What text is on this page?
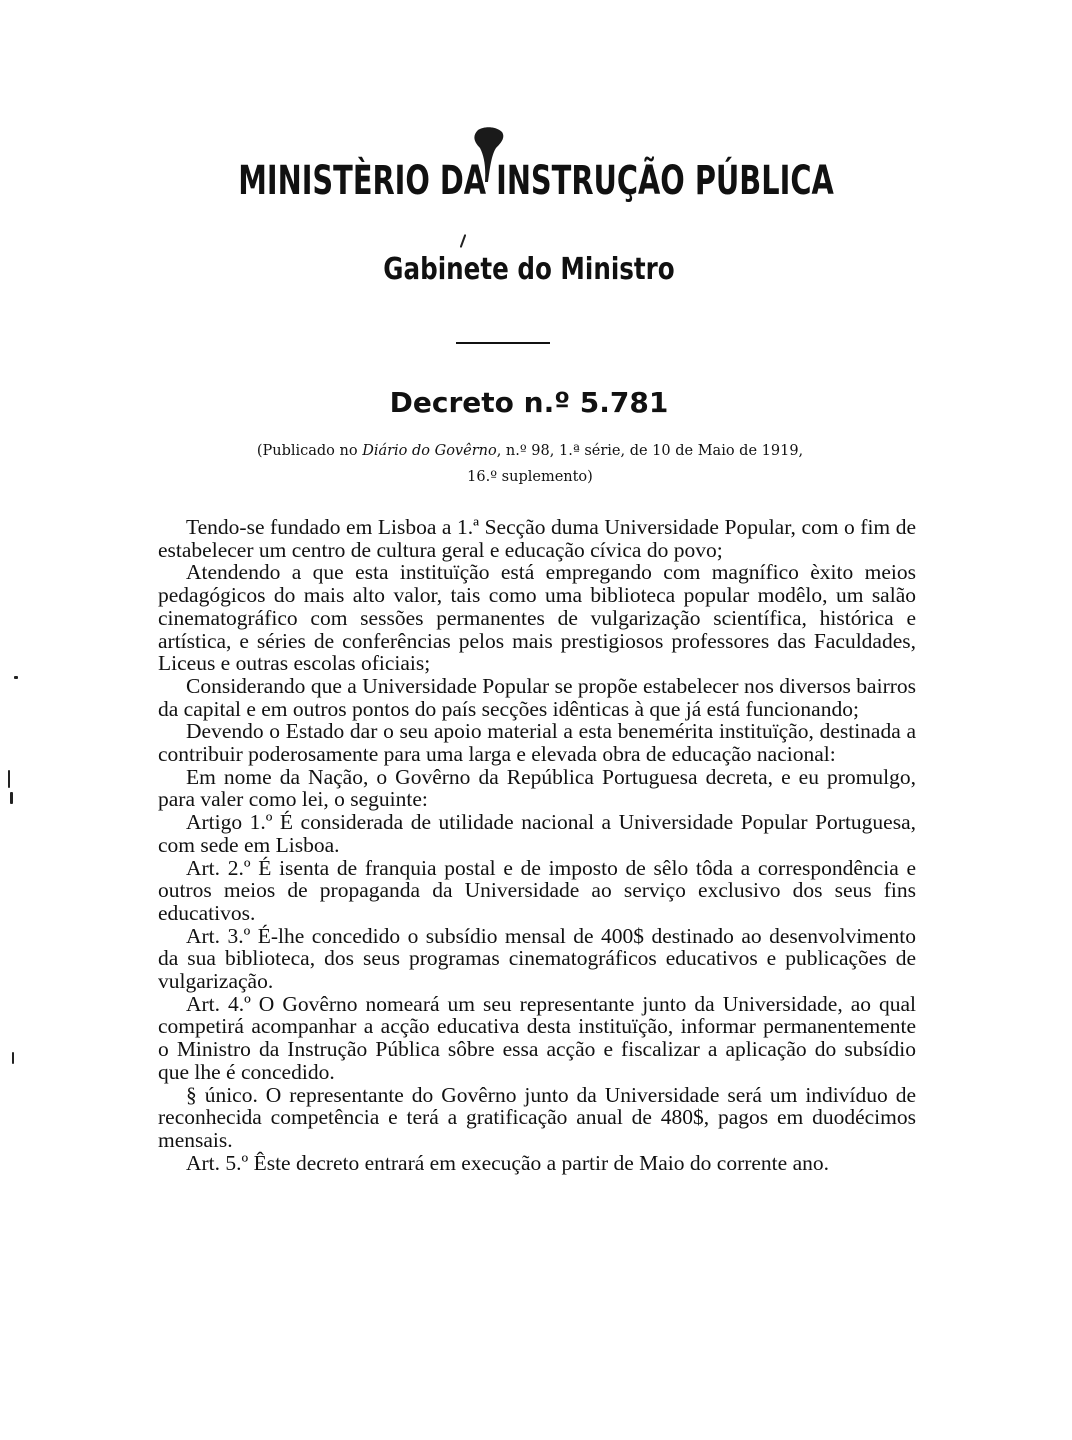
MINISTÈRIO DA INSTRUÇÃO PÚBLICA
Gabinete do Ministro
Decreto n.º 5.781
(Publicado no Diário do Govêrno, n.º 98, 1.ª série, de 10 de Maio de 1919,
16.º suplemento)

Tendo-se fundado em Lisboa a 1.ª Secção duma Universidade Popular, com o fim de estabelecer um centro de cultura geral e educação cívica do povo;

Atendendo a que esta instituïção está empregando com magnífico èxito meios pedagógicos do mais alto valor, tais como uma biblioteca popular modêlo, um salão cinematográfico com sessões permanentes de vulgarização scientífica, histórica e artística, e séries de conferências pelos mais prestigiosos professores das Faculdades, Liceus e outras escolas oficiais;

Considerando que a Universidade Popular se propõe estabelecer nos diversos bairros da capital e em outros pontos do país secções idênticas à que já está funcionando;

Devendo o Estado dar o seu apoio material a esta benemérita instituïção, destinada a contribuir poderosamente para uma larga e elevada obra de educação nacional:

Em nome da Nação, o Govêrno da República Portuguesa decreta, e eu promulgo, para valer como lei, o seguinte:

Artigo 1.º É considerada de utilidade nacional a Universidade Popular Portuguesa, com sede em Lisboa.

Art. 2.º É isenta de franquia postal e de imposto de sêlo tôda a correspondência e outros meios de propaganda da Universidade ao serviço exclusivo dos seus fins educativos.

Art. 3.º É-lhe concedido o subsídio mensal de 400$ destinado ao desenvolvimento da sua biblioteca, dos seus programas cinematográficos educativos e publicações de vulgarização.

Art. 4.º O Govêrno nomeará um seu representante junto da Universidade, ao qual competirá acompanhar a acção educativa desta instituïção, informar permanentemente o Ministro da Instrução Pública sôbre essa acção e fiscalizar a aplicação do subsídio que lhe é concedido.

§ único. O representante do Govêrno junto da Universidade será um indivíduo de reconhecida competência e terá a gratificação anual de 480$, pagos em duodécimos mensais.

Art. 5.º Êste decreto entrará em execução a partir de Maio do corrente ano.
